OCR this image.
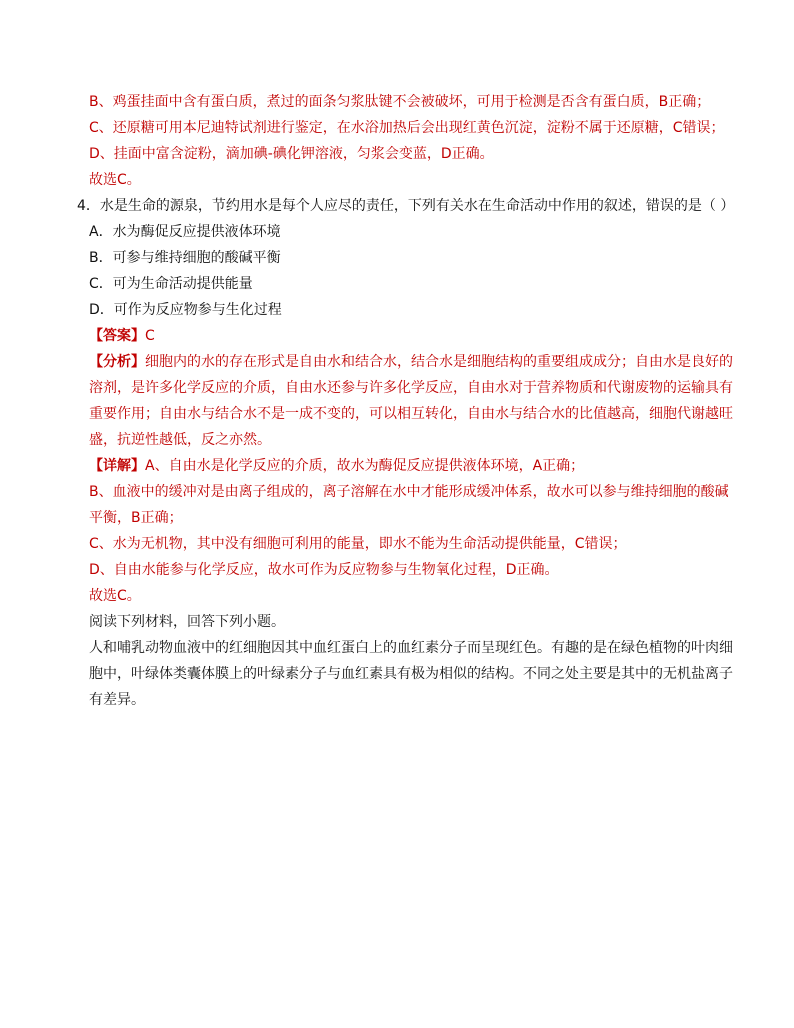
B、鸡蛋挂面中含有蛋白质，煮过的面条匀浆肽键不会被破坏，可用于检测是否含有蛋白质，B正确；

C、还原糖可用本尼迪特试剂进行鉴定，在水浴加热后会出现红黄色沉淀，淀粉不属于还原糖，C错误；

D、挂面中富含淀粉，滴加碘-碘化钾溶液，匀浆会变蓝，D正确。

故选C。

4．水是生命的源泉，节约用水是每个人应尽的责任，下列有关水在生命活动中作用的叙述，错误的是（ ）

A．水为酶促反应提供液体环境

B．可参与维持细胞的酸碱平衡

C．可为生命活动提供能量

D．可作为反应物参与生化过程

【答案】C

【分析】细胞内的水的存在形式是自由水和结合水，结合水是细胞结构的重要组成成分；自由水是良好的

溶剂，是许多化学反应的介质，自由水还参与许多化学反应，自由水对于营养物质和代谢废物的运输具有

重要作用；自由水与结合水不是一成不变的，可以相互转化，自由水与结合水的比值越高，细胞代谢越旺

盛，抗逆性越低，反之亦然。

【详解】A、自由水是化学反应的介质，故水为酶促反应提供液体环境，A正确；

B、血液中的缓冲对是由离子组成的，离子溶解在水中才能形成缓冲体系，故水可以参与维持细胞的酸碱

平衡，B正确；

C、水为无机物，其中没有细胞可利用的能量，即水不能为生命活动提供能量，C错误；

D、自由水能参与化学反应，故水可作为反应物参与生物氧化过程，D正确。

故选C。

阅读下列材料，回答下列小题。

人和哺乳动物血液中的红细胞因其中血红蛋白上的血红素分子而呈现红色。有趣的是在绿色植物的叶肉细

胞中，叶绿体类囊体膜上的叶绿素分子与血红素具有极为相似的结构。不同之处主要是其中的无机盐离子

有差异。
